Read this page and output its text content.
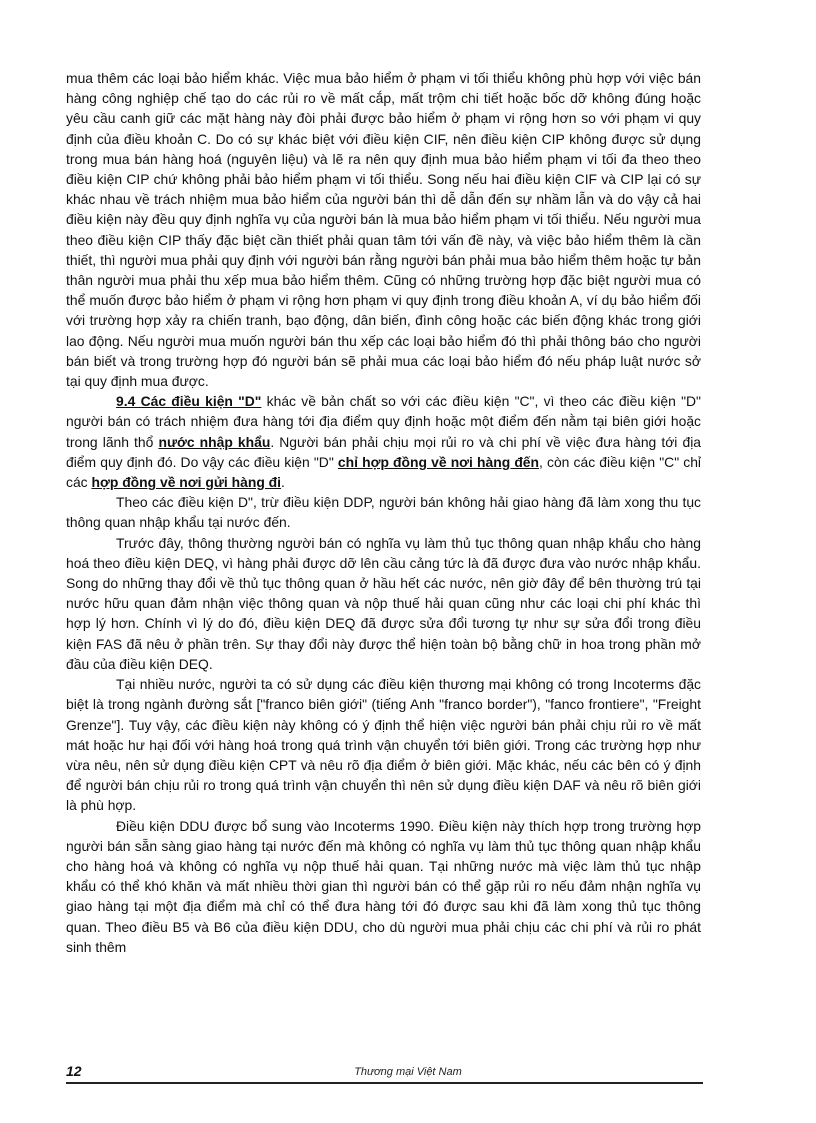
mua thêm các loại bảo hiểm khác. Việc mua bảo hiểm ở phạm vi tối thiểu không phù hợp với việc bán hàng công nghiệp chế tạo do các rủi ro về mất cắp, mất trộm chi tiết hoặc bốc dỡ không đúng hoặc yêu cầu canh giữ các mặt hàng này đòi phải được bảo hiểm ở phạm vi rộng hơn so với phạm vi quy định của điều khoản C. Do có sự khác biệt với điều kiện CIF, nên điều kiện CIP không được sử dụng trong mua bán hàng hoá (nguyên liệu) và lẽ ra nên quy định mua bảo hiểm phạm vi tối đa theo theo điều kiện CIP chứ không phải bảo hiểm phạm vi tối thiểu. Song nếu hai điều kiện CIF và CIP lại có sự khác nhau về trách nhiệm mua bảo hiểm của người bán thì dễ dẫn đến sự nhầm lẫn và do vậy cả hai điều kiện này đều quy định nghĩa vụ của người bán là mua bảo hiểm phạm vi tối thiểu. Nếu người mua theo điều kiện CIP thấy đặc biệt cần thiết phải quan tâm tới vấn đề này, và việc bảo hiểm thêm là cần thiết, thì người mua phải quy định với người bán rằng người bán phải mua bảo hiểm thêm hoặc tự bản thân người mua phải thu xếp mua bảo hiểm thêm. Cũng có những trường hợp đặc biệt người mua có thể muốn được bảo hiểm ở phạm vi rộng hơn phạm vi quy định trong điều khoản A, ví dụ bảo hiểm đối với trường hợp xảy ra chiến tranh, bạo động, dân biến, đình công hoặc các biến động khác trong giới lao động. Nếu người mua muốn người bán thu xếp các loại bảo hiểm đó thì phải thông báo cho người bán biết và trong trường hợp đó người bán sẽ phải mua các loại bảo hiểm đó nếu pháp luật nước sở tại quy định mua được.

9.4 Các điều kiện "D" khác về bản chất so với các điều kiện "C", vì theo các điều kiện "D" người bán có trách nhiệm đưa hàng tới địa điểm quy định hoặc một điểm đến nằm tại biên giới hoặc trong lãnh thổ nước nhập khẩu. Người bán phải chịu mọi rủi ro và chi phí về việc đưa hàng tới địa điểm quy định đó. Do vậy các điều kiện "D" chỉ hợp đồng về nơi hàng đến, còn các điều kiện "C" chỉ các hợp đồng về nơi gửi hàng đi.

Theo các điều kiện D", trừ điều kiện DDP, người bán không hải giao hàng đã làm xong thu tục thông quan nhập khẩu tại nước đến.

Trước đây, thông thường người bán có nghĩa vụ làm thủ tục thông quan nhập khẩu cho hàng hoá theo điều kiện DEQ, vì hàng phải được dỡ lên cầu cảng tức là đã được đưa vào nước nhập khẩu. Song do những thay đổi về thủ tục thông quan ở hầu hết các nước, nên giờ đây để bên thường trú tại nước hữu quan đảm nhận việc thông quan và nộp thuế hải quan cũng như các loại chi phí khác thì hợp lý hơn. Chính vì lý do đó, điều kiện DEQ đã được sửa đổi tương tự như sự sửa đổi trong điều kiện FAS đã nêu ở phần trên. Sự thay đổi này được thể hiện toàn bộ bằng chữ in hoa trong phần mở đầu của điều kiện DEQ.

Tại nhiều nước, người ta có sử dụng các điều kiện thương mại không có trong Incoterms đặc biệt là trong ngành đường sắt ["franco biên giới" (tiếng Anh "franco border"), "fanco frontiere", "Freight Grenze"]. Tuy vậy, các điều kiện này không có ý định thể hiện việc người bán phải chịu rủi ro về mất mát hoặc hư hại đối với hàng hoá trong quá trình vận chuyển tới biên giới. Trong các trường hợp như vừa nêu, nên sử dụng điều kiện CPT và nêu rõ địa điểm ở biên giới. Mặc khác, nếu các bên có ý định để người bán chịu rủi ro trong quá trình vận chuyển thì nên sử dụng điều kiện DAF và nêu rõ biên giới là phù hợp.

Điều kiện DDU được bổ sung vào Incoterms 1990. Điều kiện này thích hợp trong trường hợp người bán sẵn sàng giao hàng tại nước đến mà không có nghĩa vụ làm thủ tục thông quan nhập khẩu cho hàng hoá và không có nghĩa vụ nộp thuế hải quan. Tại những nước mà việc làm thủ tục nhập khẩu có thể khó khăn và mất nhiều thời gian thì người bán có thể gặp rủi ro nếu đảm nhận nghĩa vụ giao hàng tại một địa điểm mà chỉ có thể đưa hàng tới đó được sau khi đã làm xong thủ tục thông quan. Theo điều B5 và B6 của điều kiện DDU, cho dù người mua phải chịu các chi phí và rủi ro phát sinh thêm

12	Thương mại Việt Nam
